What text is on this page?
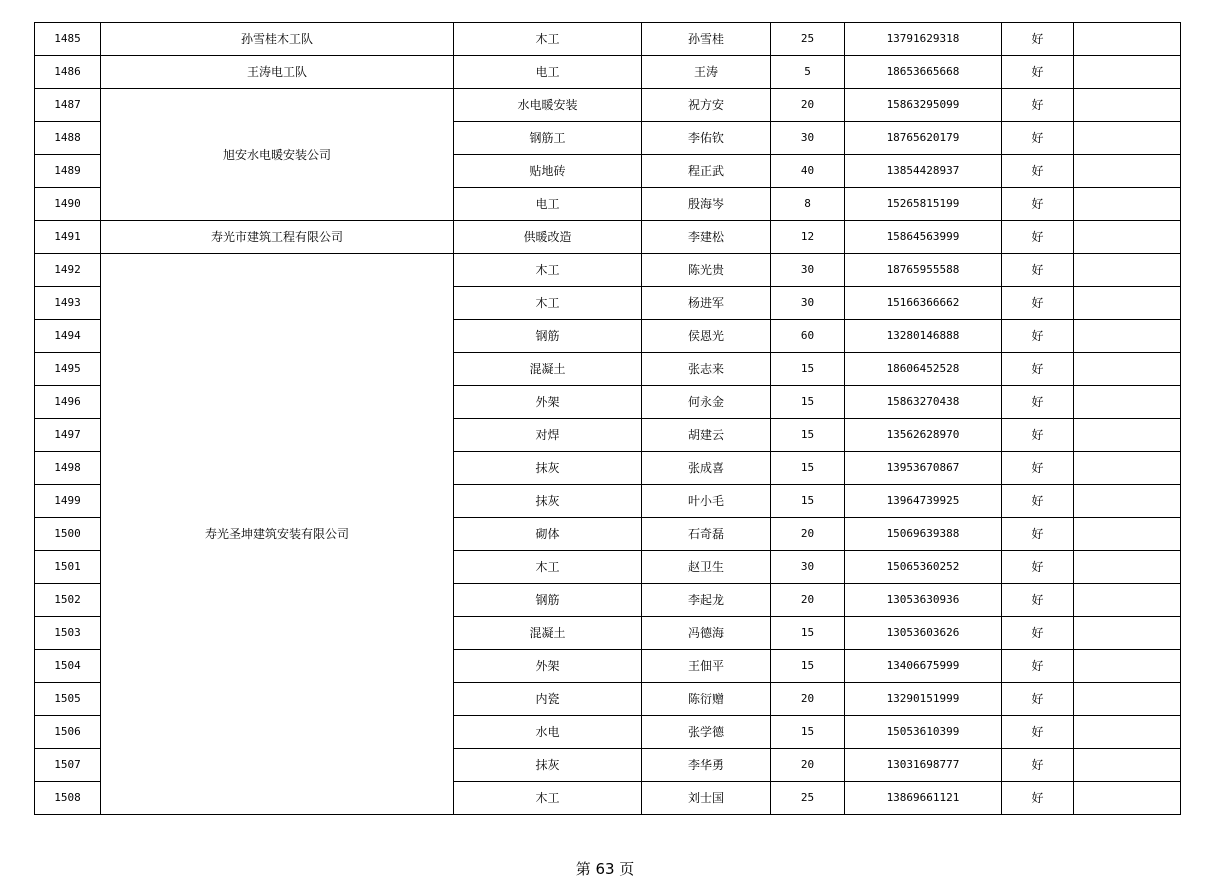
1485	孙雪桂木工队	木工	孙雪桂	25	13791629318	好	
1486	王涛电工队	电工	王涛	5	18653665668	好	
1487	旭安水电暖安装公司	水电暖安装	祝方安	20	15863295099	好	
1488		钢筋工	李佑钦	30	18765620179	好	
1489		贴地砖	程正武	40	13854428937	好	
1490		电工	殷海岑	8	15265815199	好	
1491	寿光市建筑工程有限公司	供暖改造	李建松	12	15864563999	好	
1492	寿光圣坤建筑安装有限公司	木工	陈光贵	30	18765955588	好	
1493		木工	杨进军	30	15166366662	好	
1494		钢筋	侯恩光	60	13280146888	好	
1495		混凝土	张志来	15	18606452528	好	
1496		外架	何永金	15	15863270438	好	
1497		对焊	胡建云	15	13562628970	好	
1498		抹灰	张成喜	15	13953670867	好	
1499		抹灰	叶小毛	15	13964739925	好	
1500		砌体	石奇磊	20	15069639388	好	
1501		木工	赵卫生	30	15065360252	好	
1502		钢筋	李起龙	20	13053630936	好	
1503		混凝土	冯德海	15	13053603626	好	
1504		外架	王佃平	15	13406675999	好	
1505		内瓷	陈衍赠	20	13290151999	好	
1506		水电	张学德	15	15053610399	好	
1507		抹灰	李华勇	20	13031698777	好	
1508		木工	刘士国	25	13869661121	好	
第 63 页
